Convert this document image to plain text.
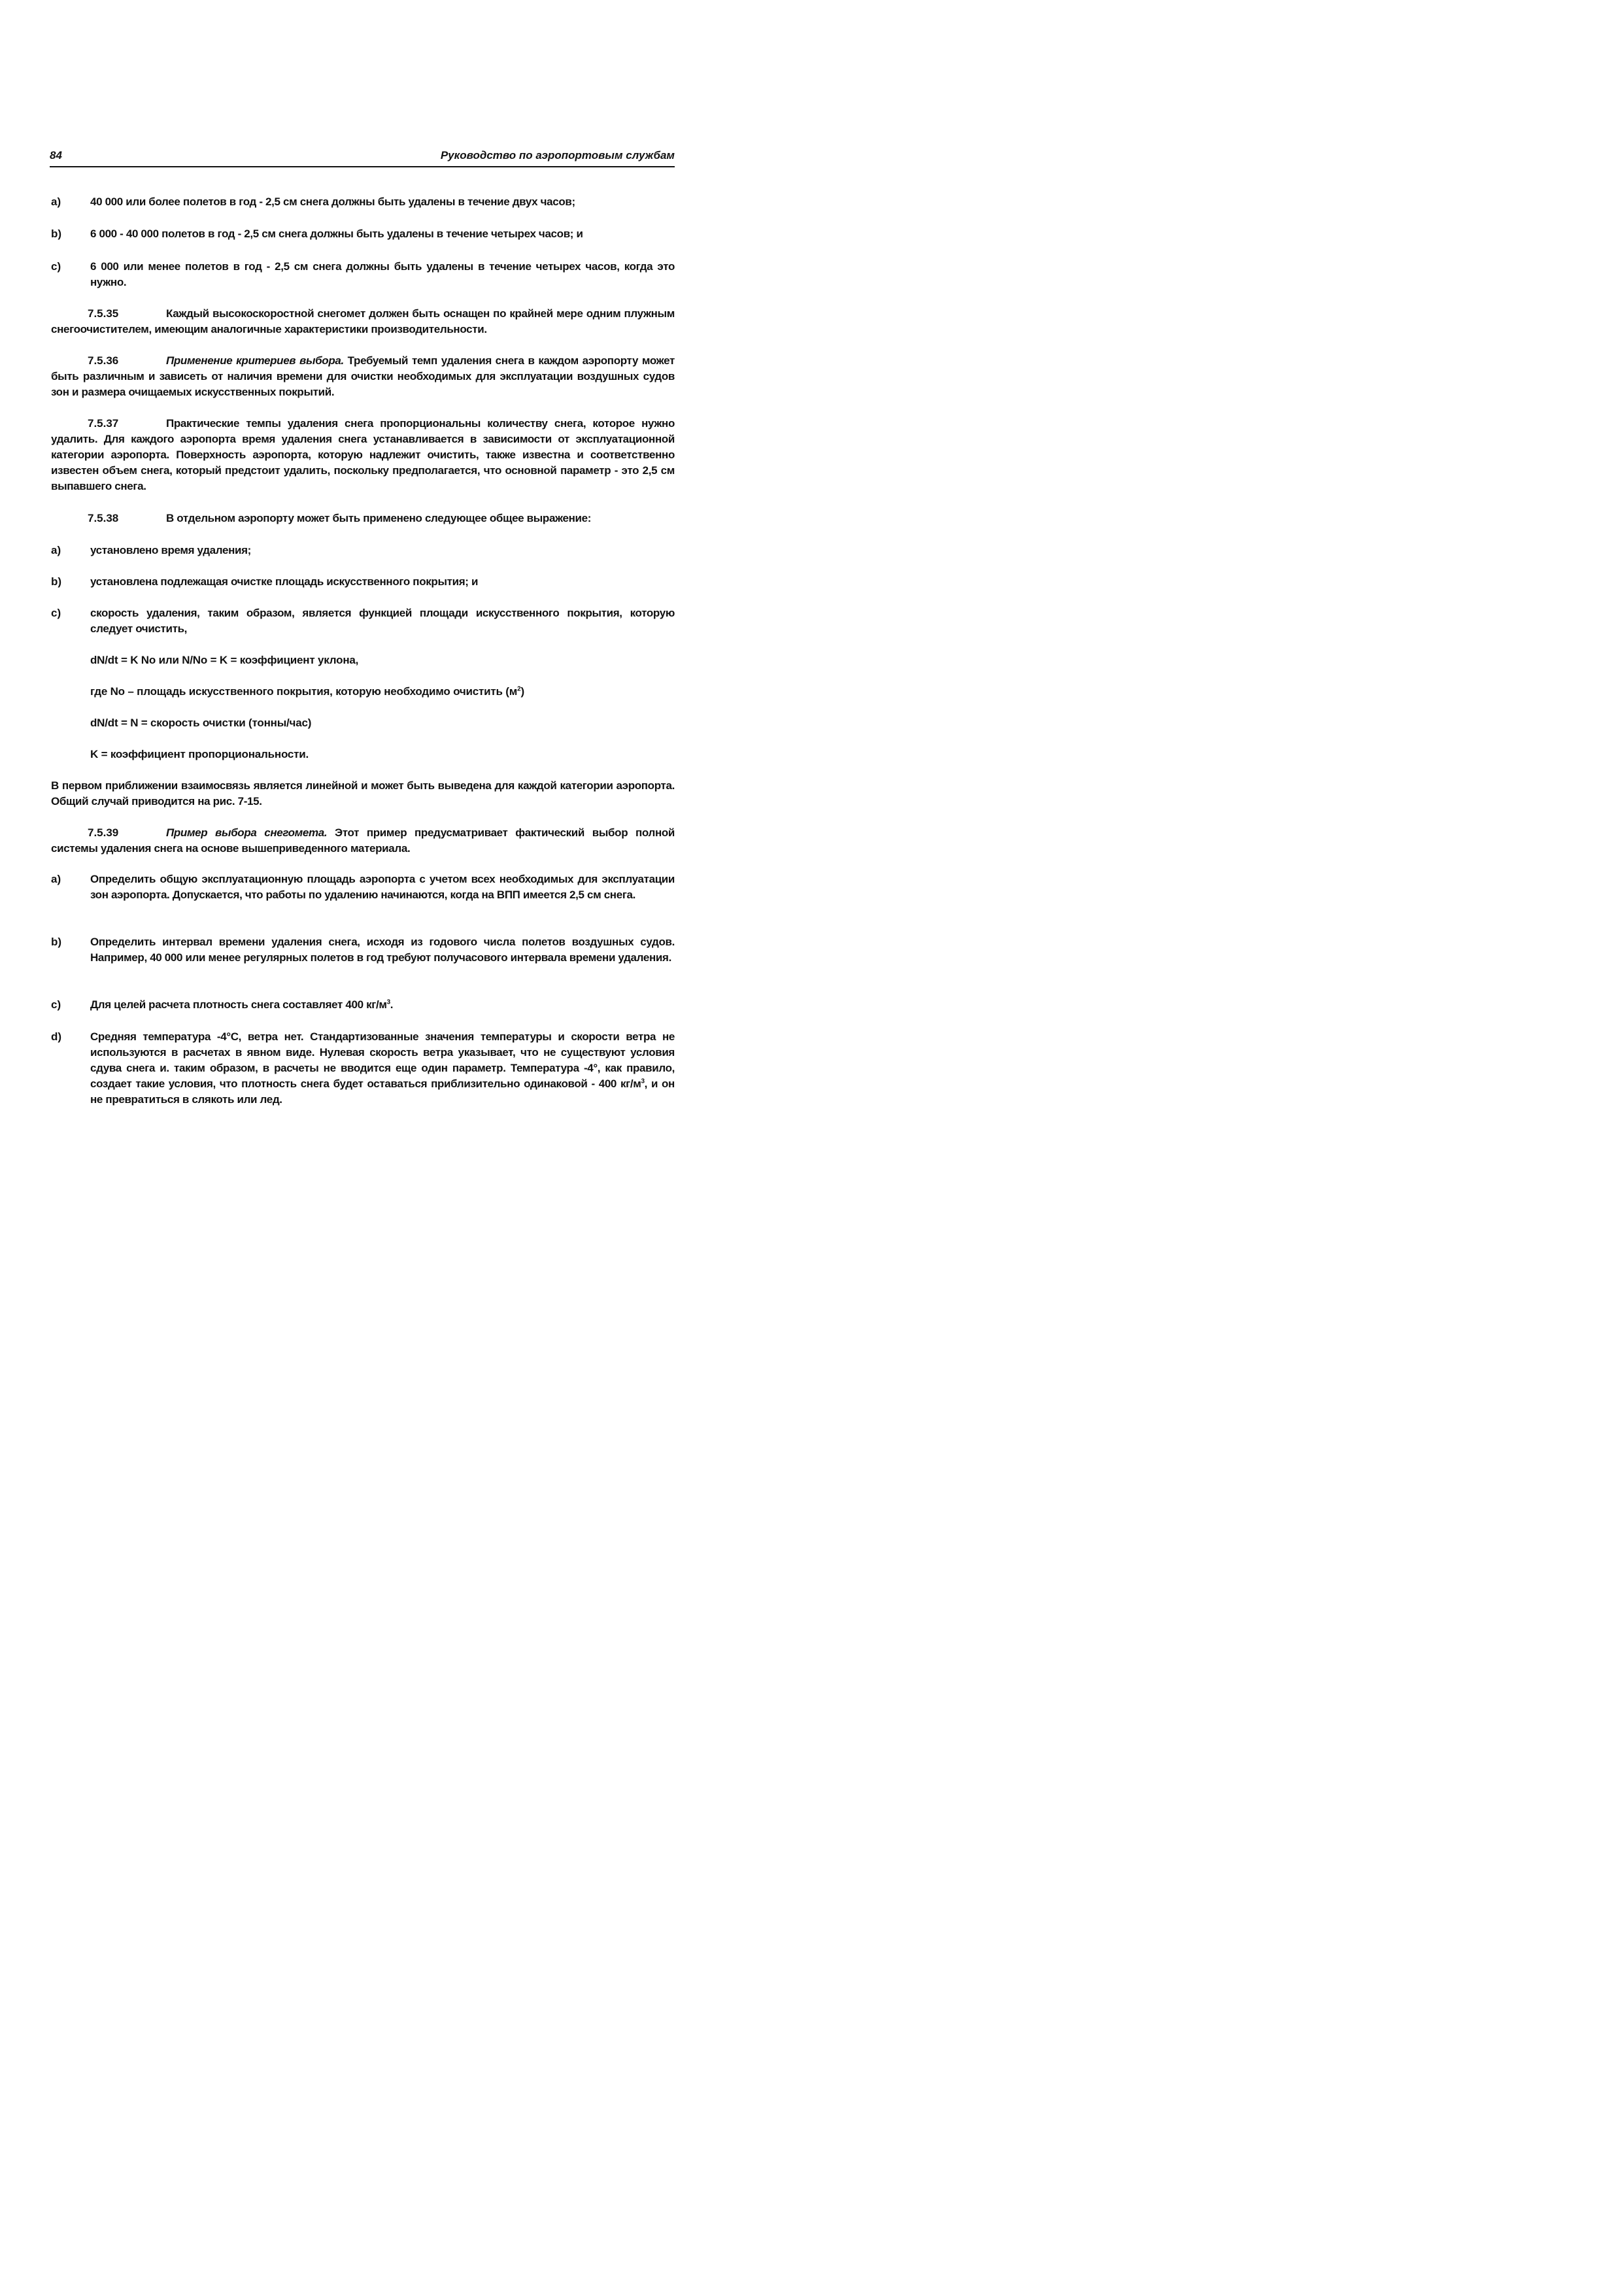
84	Руководство по аэропортовым службам
a)	40 000 или более полетов в год - 2,5 см снега должны быть удалены в течение двух часов;

b)	6 000 - 40 000 полетов в год - 2,5 см снега должны быть удалены в течение четырех часов; и

c)	6 000 или менее полетов в год - 2,5 см снега должны быть удалены в течение четырех часов, когда это нужно.

7.5.35	Каждый высокоскоростной снегомет должен быть оснащен по крайней мере одним плужным снегоочистителем, имеющим аналогичные характеристики производительности.

7.5.36	Применение критериев выбора. Требуемый темп удаления снега в каждом аэропорту может быть различным и зависеть от наличия времени для очистки необходимых для эксплуатации воздушных судов зон и размера очищаемых искусственных покрытий.

7.5.37	Практические темпы удаления снега пропорциональны количеству снега, которое нужно удалить. Для каждого аэропорта время удаления снега устанавливается в зависимости от эксплуатационной категории аэропорта. Поверхность аэропорта, которую надлежит очистить, также известна и соответственно известен объем снега, который предстоит удалить, поскольку предполагается, что основной параметр - это 2,5 см выпавшего снега.

7.5.38	В отдельном аэропорту может быть применено следующее общее выражение:

a)	установлено время удаления;

b)	установлена подлежащая очистке площадь искусственного покрытия; и

c)	скорость удаления, таким образом, является функцией площади искусственного покрытия, которую следует очистить,

dN/dt = K No или N/No = K = коэффициент уклона,
где No – площадь искусственного покрытия, которую необходимо очистить $(м^2)$
dN/dt = N = скорость очистки (тонны/час)
K = коэффициент пропорциональности.

В первом приближении взаимосвязь является линейной и может быть выведена для каждой категории аэропорта. Общий случай приводится на рис. 7-15.

7.5.39	Пример выбора снегомета. Этот пример предусматривает фактический выбор полной системы удаления снега на основе вышеприведенного материала.

a)	Определить общую эксплуатационную площадь аэропорта с учетом всех необходимых для эксплуатации зон аэропорта. Допускается, что работы по удалению начинаются, когда на ВПП имеется 2,5 см снега.

b)	Определить интервал времени удаления снега, исходя из годового числа полетов воздушных судов. Например, 40 000 или менее регулярных полетов в год требуют получасового интервала времени удаления.

c)	Для целей расчета плотность снега составляет 400 $кг/м^3$.

d)	Средняя температура -4°С, ветра нет. Стандартизованные значения температуры и скорости ветра не используются в расчетах в явном виде. Нулевая скорость ветра указывает, что не существуют условия сдува снега и. таким образом, в расчеты не вводится еще один параметр. Температура -4°, как правило, создает такие условия, что плотность снега будет оставаться приблизительно одинаковой - 400 $кг/м^3$, и он не превратиться в слякоть или лед.
